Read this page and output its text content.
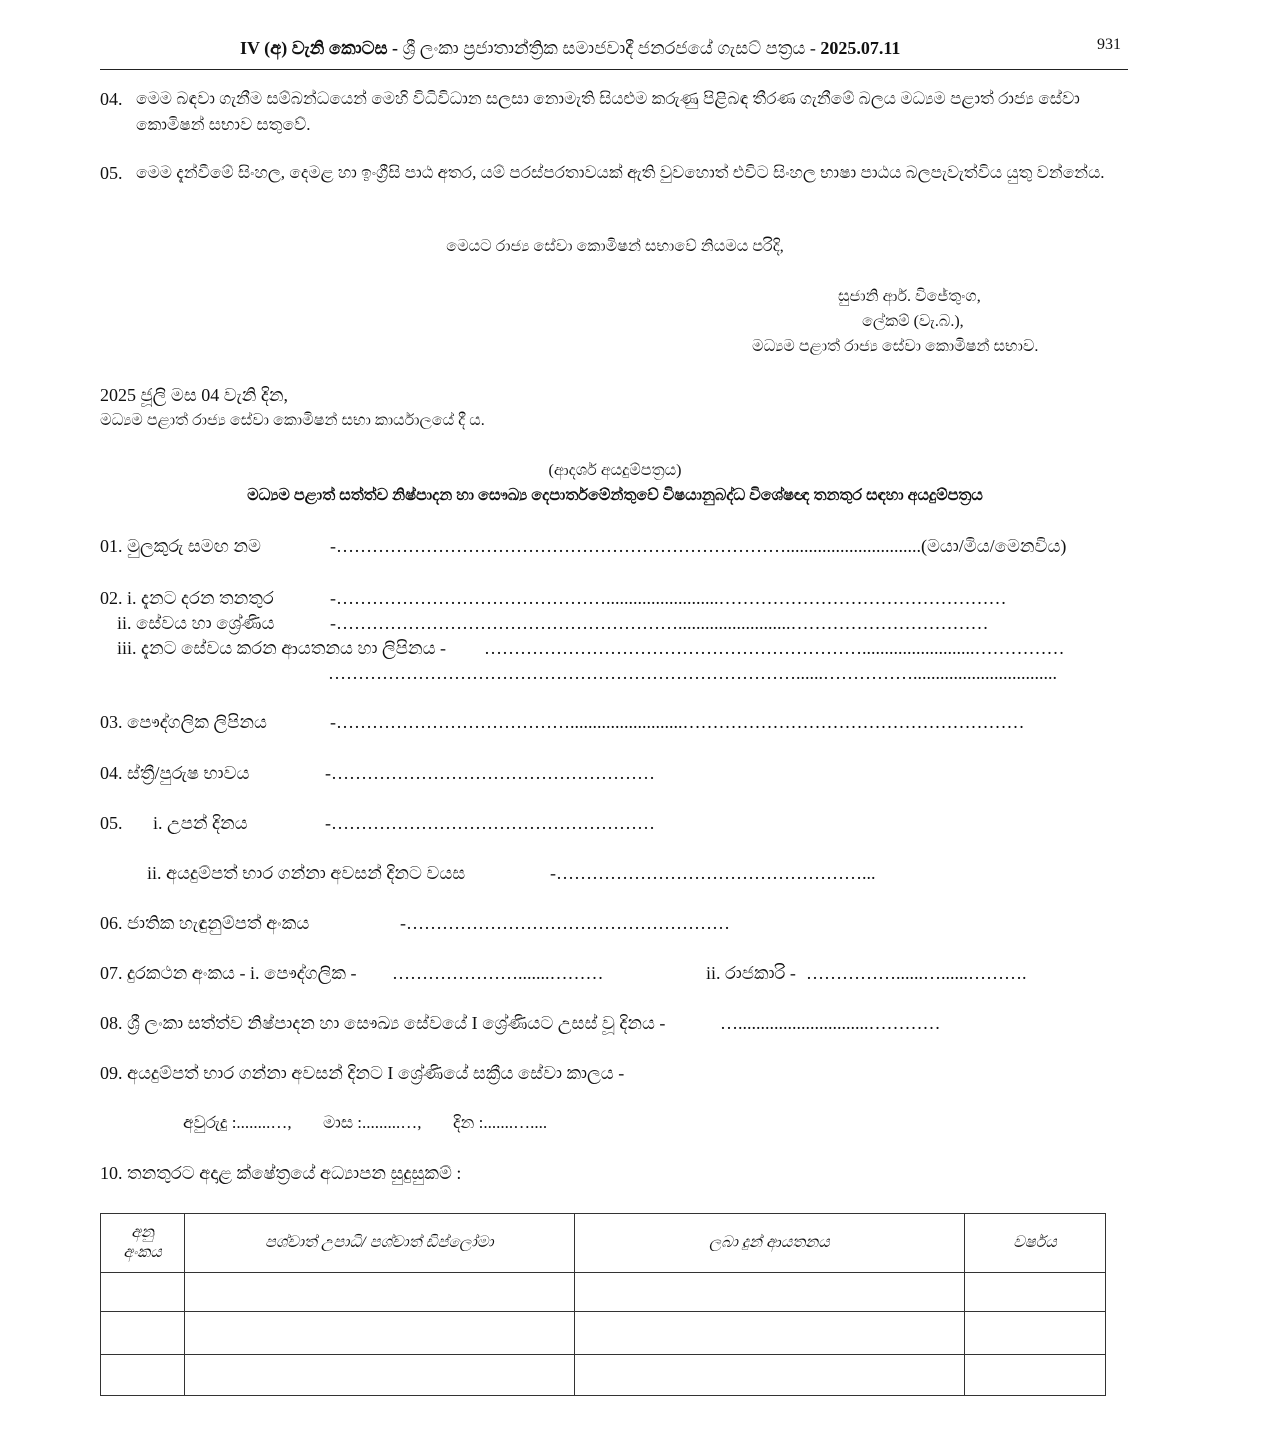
IV (අ) වැනි කොටස - ශ්‍රී ලංකා ප්‍රජාතාන්ත්‍රික සමාජවාදී ජනරජයේ ගැසට් පත්‍රය - 2025.07.11	931
04. මෙම බඳවා ගැනීම සම්බන්ධයෙන් මෙහි විධිවිධාන සලසා නොමැති සියළුම කරුණු පිළිබඳ තීරණ ගැනීමේ බලය මධ්‍යම පළාත් රාජ්‍ය සේවා කොමිෂන් සභාව සතුවේ.
05. මෙම දැන්වීමේ සිංහල, දෙමළ හා ඉංග්‍රීසි පාඨ අතර, යම් පරස්පරතාවයක් ඇති වුවහොත් එවිට සිංහල භාෂා පාඨය බලපැවැත්විය යුතු වන්නේය.
මෙයට රාජ්‍ය සේවා කොමිෂන් සභාවේ නියමය පරිදි,
සුජානි ආර්. විජේතුංග,
ලේකම් (වැ.බ.),
මධ්‍යම පළාත් රාජ්‍ය සේවා කොමිෂන් සභාව.
2025 ජූලි මස 04 වැනි දින,
මධ්‍යම පළාත් රාජ්‍ය සේවා කොමිෂන් සභා කාර්යාලයේ දී ය.
(ආදර්ශ අයදුම්පත්‍රය)
මධ්‍යම පළාත් සත්ත්ව නිෂ්පාදන හා සෞඛ්‍ය දෙපාර්තමේන්තුවේ විෂයානුබද්ධ විශේෂඥ තනතුර සඳහා අයදුම්පත්‍රය
01. මුලකුරු සමඟ නම	-…………………………………………………………………..............................(මයා/මිය/මෙනවිය)
02. i. දැනට දරන තනතුර	-……………………………………….........................…………………………………………
ii. සේවය හා ශ්‍රේණිය	-………………………………………………….........................……………………………
iii. දැනට සේවය කරන ආයතනය හා ලිපිනය - ……………………………………………………….........................……………
……………………………………………………………………......……………................................
03. පෞද්ගලික ලිපිනය	-………………………………….........................…………………………………………………
04. ස්ත්‍රී/පුරුෂ භාවය	-………………………………………………
05. i. උපන් දිනය	-………………………………………………
ii. අයදුම්පත් භාර ගන්නා අවසන් දිනට වයස	-……………………………………………...
06. ජාතික හැඳුනුම්පත් අංකය	-………………………………………………
07. දුරකථන අංකය - i. පෞද්ගලික - ………………….......………	ii. රාජකාරි - ……………......…......……….
08. ශ්‍රී ලංකා සත්ත්ව නිෂ්පාදන හා සෞඛ්‍ය සේවයේ I ශ්‍රේණියට උසස් වූ දිනය -	….............................…………
09. අයදුම්පත් භාර ගන්නා අවසන් දිනට I ශ්‍රේණියේ සක්‍රීය සේවා කාලය -
අවුරුදු :........…, මාස :.........…, දින :.......…....
10. තනතුරට අදාළ ක්ෂේත්‍රයේ අධ්‍යාපන සුදුසුකම් :
අනු අංකය	පශ්චාත් උපාධි/ පශ්චාත් ඩිප්ලෝමා	ලබා දුන් ආයතනය	වර්ෂය
